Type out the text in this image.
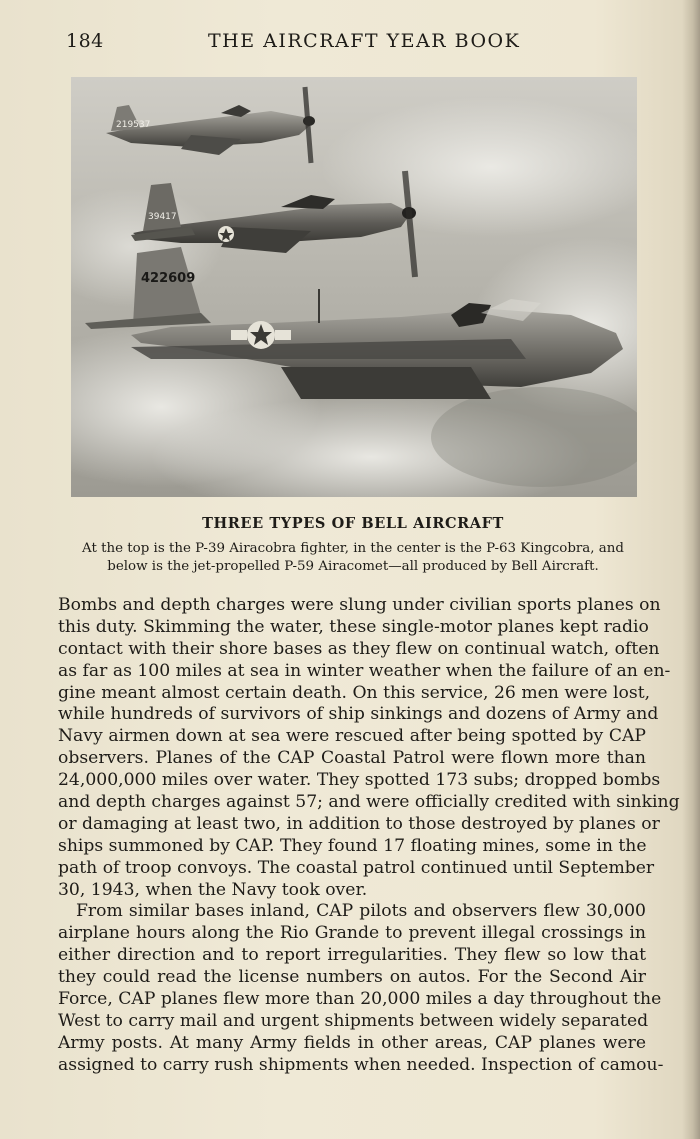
184	THE AIRCRAFT YEAR BOOK
219537
39417
422609
THREE TYPES OF BELL AIRCRAFT
At the top is the P-39 Airacobra fighter, in the center is the P-63 Kingcobra, and
below is the jet-propelled P-59 Airacomet—all produced by Bell Aircraft.
Bombs and depth charges were slung under civilian sports planes on
this duty. Skimming the water, these single-motor planes kept radio
contact with their shore bases as they flew on continual watch, often
as far as 100 miles at sea in winter weather when the failure of an en-
gine meant almost certain death. On this service, 26 men were lost,
while hundreds of survivors of ship sinkings and dozens of Army and
Navy airmen down at sea were rescued after being spotted by CAP
observers. Planes of the CAP Coastal Patrol were flown more than
24,000,000 miles over water. They spotted 173 subs; dropped bombs
and depth charges against 57; and were officially credited with sinking
or damaging at least two, in addition to those destroyed by planes or
ships summoned by CAP. They found 17 floating mines, some in the
path of troop convoys. The coastal patrol continued until September
30, 1943, when the Navy took over.
From similar bases inland, CAP pilots and observers flew 30,000
airplane hours along the Rio Grande to prevent illegal crossings in
either direction and to report irregularities. They flew so low that
they could read the license numbers on autos. For the Second Air
Force, CAP planes flew more than 20,000 miles a day throughout the
West to carry mail and urgent shipments between widely separated
Army posts. At many Army fields in other areas, CAP planes were
assigned to carry rush shipments when needed. Inspection of camou-
